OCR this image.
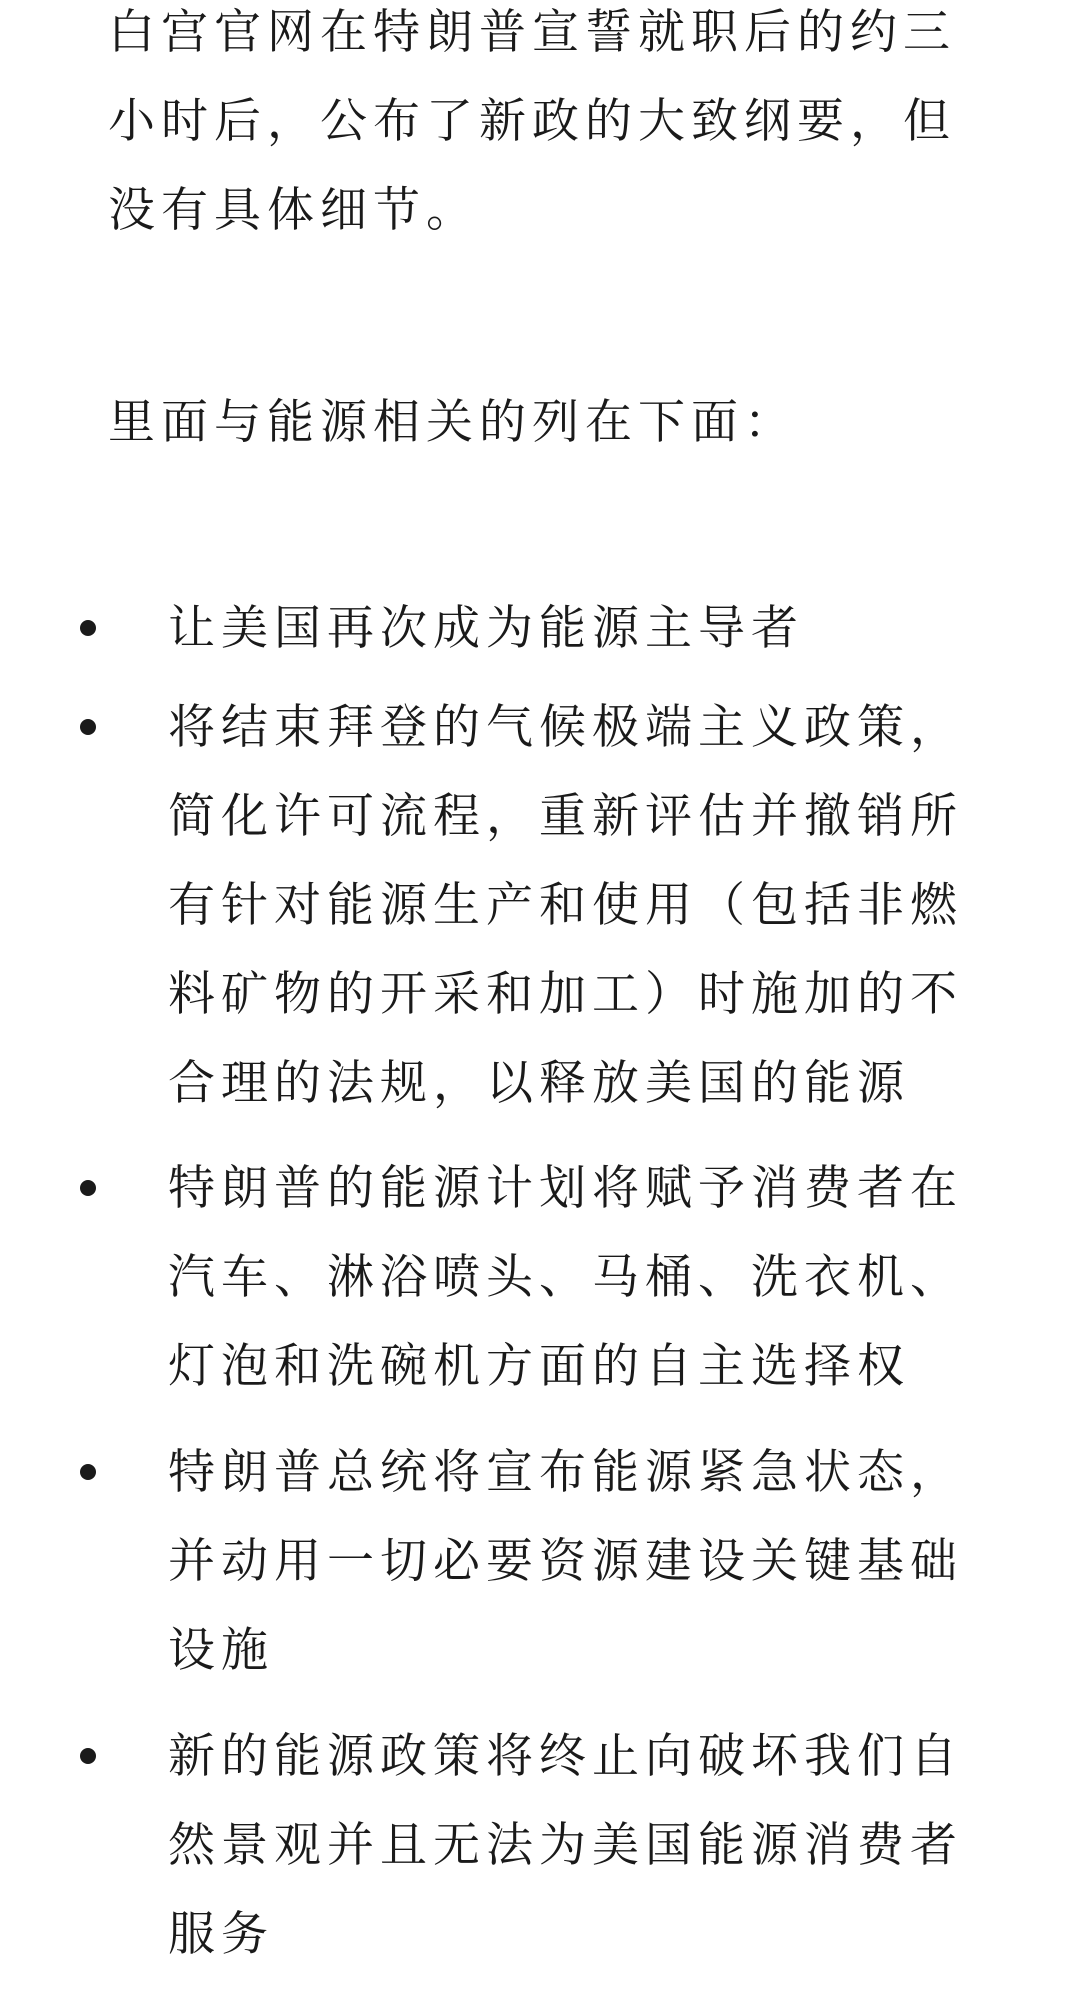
白宫官网在特朗普宣誓就职后的约三小时后，公布了新政的大致纲要，但没有具体细节。

里面与能源相关的列在下面：

让美国再次成为能源主导者
将结束拜登的气候极端主义政策，简化许可流程，重新评估并撤销所有针对能源生产和使用（包括非燃料矿物的开采和加工）时施加的不合理的法规，以释放美国的能源
特朗普的能源计划将赋予消费者在汽车、淋浴喷头、马桶、洗衣机、灯泡和洗碗机方面的自主选择权
特朗普总统将宣布能源紧急状态，并动用一切必要资源建设关键基础设施
新的能源政策将终止向破坏我们自然景观并且无法为美国能源消费者服务
